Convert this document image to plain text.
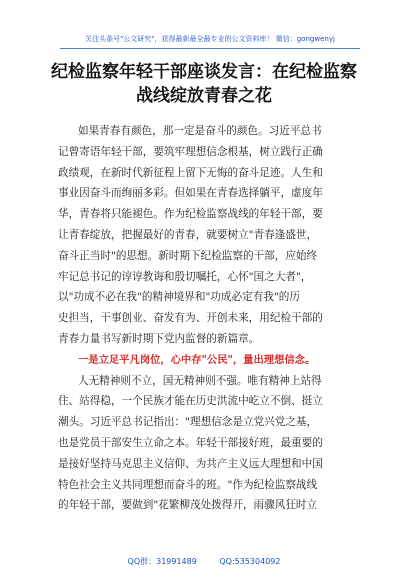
关注头条号"公文研究"，获得最新最全最专业的公文资料库！ 微信：gongwenyj
纪检监察年轻干部座谈发言：在纪检监察
战线绽放青春之花
如果青春有颜色，那一定是奋斗的颜色。习近平总书
记曾寄语年轻干部，要筑牢理想信念根基，树立践行正确
政绩观，在新时代新征程上留下无悔的奋斗足迹。人生和
事业因奋斗而绚丽多彩。但如果在青春选择躺平，虚度年
华，青春将只能褪色。作为纪检监察战线的年轻干部，要
让青春绽放，把握最好的青春，就要树立"青春逢盛世，
奋斗正当时"的思想。新时期下纪检监察的干部，应始终
牢记总书记的谆谆教诲和殷切嘱托，心怀"国之大者"，
以"功成不必在我"的精神境界和"功成必定有我"的历
史担当，干事创业、奋发有为、开创未来，用纪检干部的
青春力量书写新时期下党内监督的新篇章。
一是立足平凡岗位，心中存"公民"，量出理想信念。
人无精神则不立，国无精神则不强。唯有精神上站得
住、站得稳，一个民族才能在历史洪流中屹立不倒、挺立
潮头。习近平总书记指出："理想信念是立党兴党之基，
也是党员干部安生立命之本。年轻干部接好班，最重要的
是接好坚持马克思主义信仰、为共产主义远大理想和中国
特色社会主义共同理想而奋斗的班。"作为纪检监察战线
的年轻干部，要做到"花繁柳茂处拨得开，雨骤风狂时立
QQ群：31991489	QQ:535304092
